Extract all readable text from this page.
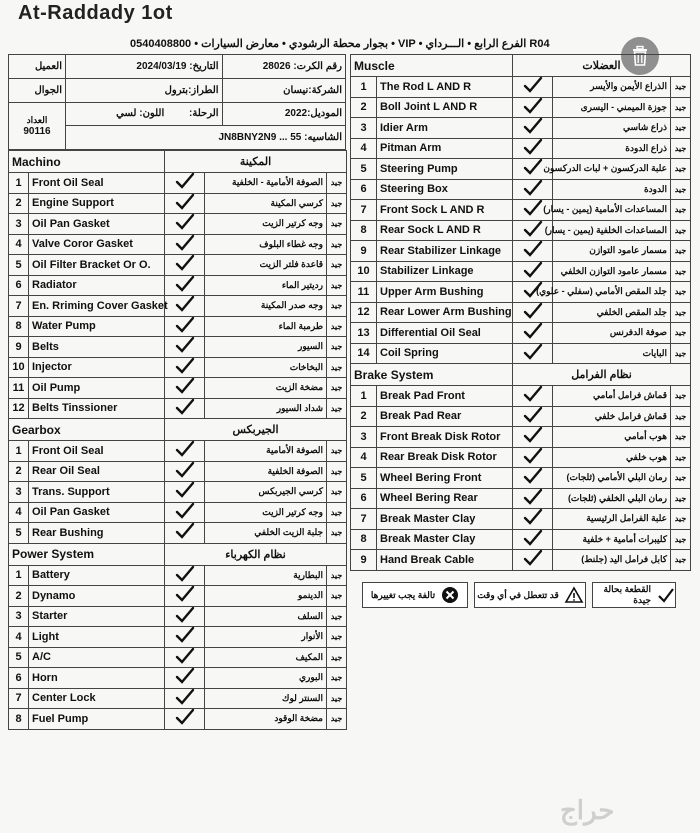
At-Raddady 1ot
0540408800 • بجوار محطة الرشودي • معارض السيارات • VIP • الفرع الرابع • الـــرداي R04
العميل	التاريخ: 2024/03/19	رقم الكرت: 28026
الجوال	الطراز:بترول	الشركة:نيسان

العداد
90116	الرحلة: اللون: لسي	الموديل:2022
	الشاسيه: JN8BNY2N9 ... 55	
Machino		المكينة		
1	Front Oil Seal		الصوفة الأمامية - الخلفية	جيد
2	Engine Support		كرسي المكينة	جيد
3	Oil Pan Gasket		وجه كرتير الزيت	جيد
4	Valve Coror Gasket		وجه غطاء البلوف	جيد
5	Oil Filter Bracket Or O.		قاعدة فلتر الزيت	جيد
6	Radiator		رديتير الماء	جيد
7	En. Rriming Cover Gasket		وجه صدر المكينة	جيد
8	Water Pump		طرمبة الماء	جيد
9	Belts		السيور	جيد
10	Injector		البخاخات	جيد
11	Oil Pump		مضخة الزيت	جيد
12	Belts Tinssioner		شداد السيور	جيد
Gearbox		الجيربكس		
1	Front Oil Seal		الصوفة الأمامية	جيد
2	Rear Oil Seal		الصوفة الخلفية	جيد
3	Trans. Support		كرسي الجيربكس	جيد
4	Oil Pan Gasket		وجه كرتير الزيت	جيد
5	Rear Bushing		جلبة الزيت الخلفي	جيد
Power System		نظام الكهرباء		
1	Battery		البطارية	جيد
2	Dynamo		الدينمو	جيد
3	Starter		السلف	جيد
4	Light		الأنوار	جيد
5	A/C		المكيف	جيد
6	Horn		البوري	جيد
7	Center Lock		السنتر لوك	جيد
8	Fuel Pump		مضخة الوقود	جيد
Muscle		العضلات		
1	The Rod L AND R		الذراع الأيمن والأيسر	جيد
2	Boll Joint L AND R		جوزة الميمني - اليسرى	جيد
3	Idier Arm		ذراع شاسي	جيد
4	Pitman Arm		ذراع الدودة	جيد
5	Steering Pump		علبة الدركسون + لبات الدركسون	جيد
6	Steering Box		الدودة	جيد
7	Front Sock L AND R		المساعدات الأمامية (يمين - يسار)	جيد
8	Rear Sock L AND R		المساعدات الخلفية (يمين - يسار)	جيد
9	Rear Stabilizer Linkage		مسمار عامود التوازن	جيد
10	Stabilizer Linkage		مسمار عامود التوازن الخلفي	جيد
11	Upper Arm Bushing		جلد المقص الأمامي (سفلي - علوي)	جيد
12	Rear Lower Arm Bushing		جلد المقص الخلفي	جيد
13	Differential Oil Seal		صوفة الدفرنس	جيد
14	Coil Spring		البايات	جيد
Brake System		نظام الفرامل		
1	Break Pad Front		قماش فرامل أمامي	جيد
2	Break Pad Rear		قماش فرامل خلفي	جيد
3	Front Break Disk Rotor		هوب أمامي	جيد
4	Rear Break Disk Rotor		هوب خلفي	جيد
5	Wheel Bering Front		رمان البلي الأمامي (ثلجات)	جيد
6	Wheel Bering Rear		رمان البلي الخلفي (ثلجات)	جيد
7	Break Master Clay		علبة الفرامل الرئيسية	جيد
8	Break Master Clay		كليبرات أمامية + خلفية	جيد
9	Hand Break Cable		كابل فرامل اليد (جلنط)	جيد
القطعة بحالة جيدة
قد تتعطل في أي وقت
تالفة يجب تغييرها
حراج
